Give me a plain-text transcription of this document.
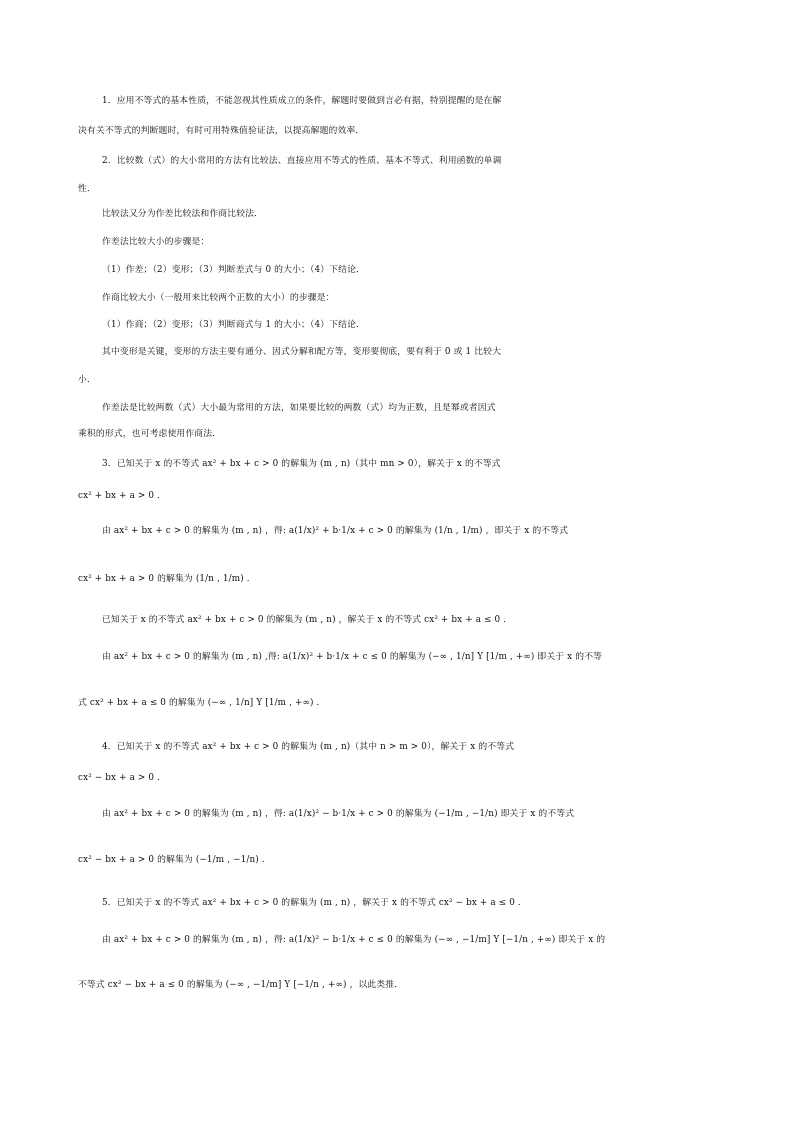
1．应用不等式的基本性质，不能忽视其性质成立的条件，解题时要做到言必有据，特别提醒的是在解
决有关不等式的判断题时，有时可用特殊值验证法，以提高解题的效率．
2．比较数（式）的大小常用的方法有比较法、直接应用不等式的性质、基本不等式、利用函数的单调
性．
比较法又分为作差比较法和作商比较法．
作差法比较大小的步骤是：
（1）作差；（2）变形；（3）判断差式与 0 的大小；（4）下结论．
作商比较大小（一般用来比较两个正数的大小）的步骤是：
（1）作商；（2）变形；（3）判断商式与 1 的大小；（4）下结论．
其中变形是关键，变形的方法主要有通分、因式分解和配方等，变形要彻底，要有利于 0 或 1 比较大
小．
作差法是比较两数（式）大小最为常用的方法，如果要比较的两数（式）均为正数，且是幂或者因式
乘积的形式，也可考虑使用作商法．
3．已知关于 x 的不等式 ax² + bx + c > 0 的解集为 (m , n)（其中 mn > 0），解关于 x 的不等式
cx² + bx + a > 0 ．
由 ax² + bx + c > 0 的解集为 (m , n) ，得: a(1/x)² + b·1/x + c > 0 的解集为 (1/n , 1/m) ，即关于 x 的不等式
cx² + bx + a > 0 的解集为 (1/n , 1/m) ．
已知关于 x 的不等式 ax² + bx + c > 0 的解集为 (m , n) ，解关于 x 的不等式 cx² + bx + a ≤ 0 ．
由 ax² + bx + c > 0 的解集为 (m , n) ,得: a(1/x)² + b·1/x + c ≤ 0 的解集为 (−∞ , 1/n] Y [1/m , +∞) 即关于 x 的不等
式 cx² + bx + a ≤ 0 的解集为 (−∞ , 1/n] Y [1/m , +∞) ．
4．已知关于 x 的不等式 ax² + bx + c > 0 的解集为 (m , n)（其中 n > m > 0），解关于 x 的不等式
cx² − bx + a > 0 ．
由 ax² + bx + c > 0 的解集为 (m , n) ，得: a(1/x)² − b·1/x + c > 0 的解集为 (−1/m , −1/n) 即关于 x 的不等式
cx² − bx + a > 0 的解集为 (−1/m , −1/n) ．
5．已知关于 x 的不等式 ax² + bx + c > 0 的解集为 (m , n) ，解关于 x 的不等式 cx² − bx + a ≤ 0 ．
由 ax² + bx + c > 0 的解集为 (m , n) ，得: a(1/x)² − b·1/x + c ≤ 0 的解集为 (−∞ , −1/m] Y [−1/n , +∞) 即关于 x 的
不等式 cx² − bx + a ≤ 0 的解集为 (−∞ , −1/m] Y [−1/n , +∞) ，以此类推．
